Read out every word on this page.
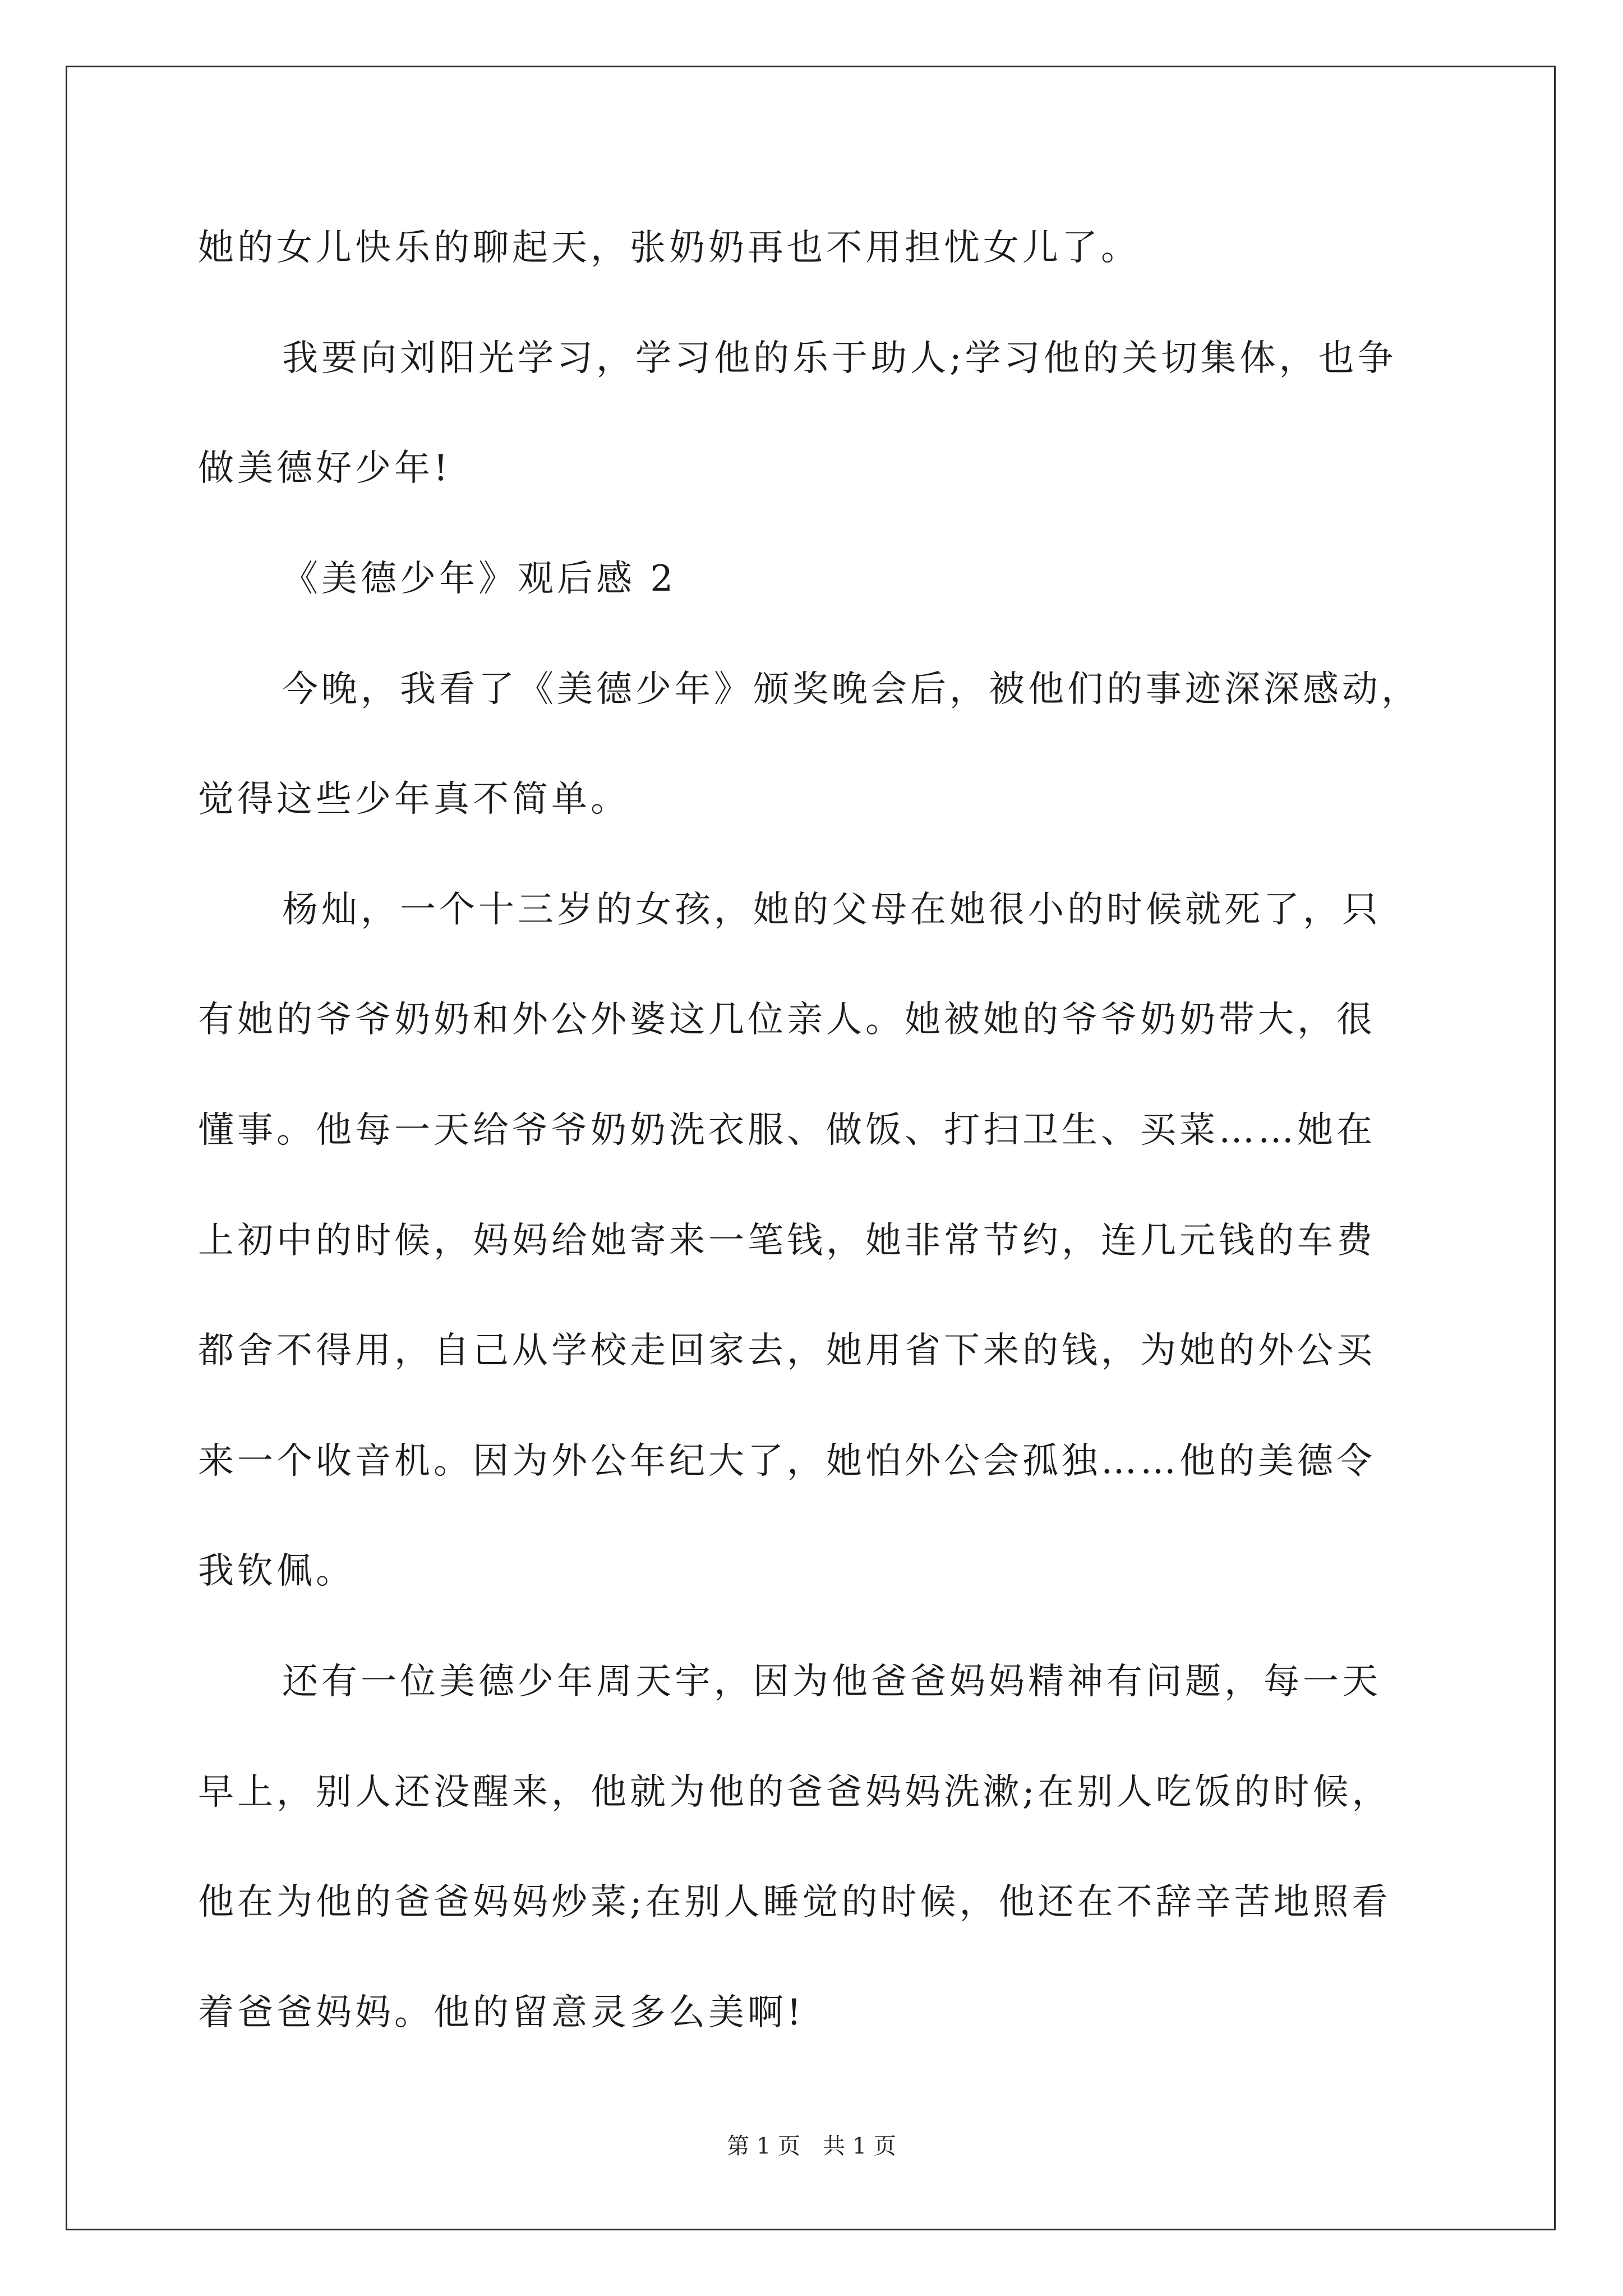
她的女儿快乐的聊起天，张奶奶再也不用担忧女儿了。
我要向刘阳光学习，学习他的乐于助人;学习他的关切集体，也争
做美德好少年!
《美德少年》观后感 2
今晚，我看了《美德少年》颁奖晚会后，被他们的事迹深深感动，
觉得这些少年真不简单。
杨灿，一个十三岁的女孩，她的父母在她很小的时候就死了，只
有她的爷爷奶奶和外公外婆这几位亲人。她被她的爷爷奶奶带大，很
懂事。他每一天给爷爷奶奶洗衣服、做饭、打扫卫生、买菜……她在
上初中的时候，妈妈给她寄来一笔钱，她非常节约，连几元钱的车费
都舍不得用，自己从学校走回家去，她用省下来的钱，为她的外公买
来一个收音机。因为外公年纪大了，她怕外公会孤独……他的美德令
我钦佩。
还有一位美德少年周天宇，因为他爸爸妈妈精神有问题，每一天
早上，别人还没醒来，他就为他的爸爸妈妈洗漱;在别人吃饭的时候，
他在为他的爸爸妈妈炒菜;在别人睡觉的时候，他还在不辞辛苦地照看
着爸爸妈妈。他的留意灵多么美啊!
第 1 页　共 1 页
